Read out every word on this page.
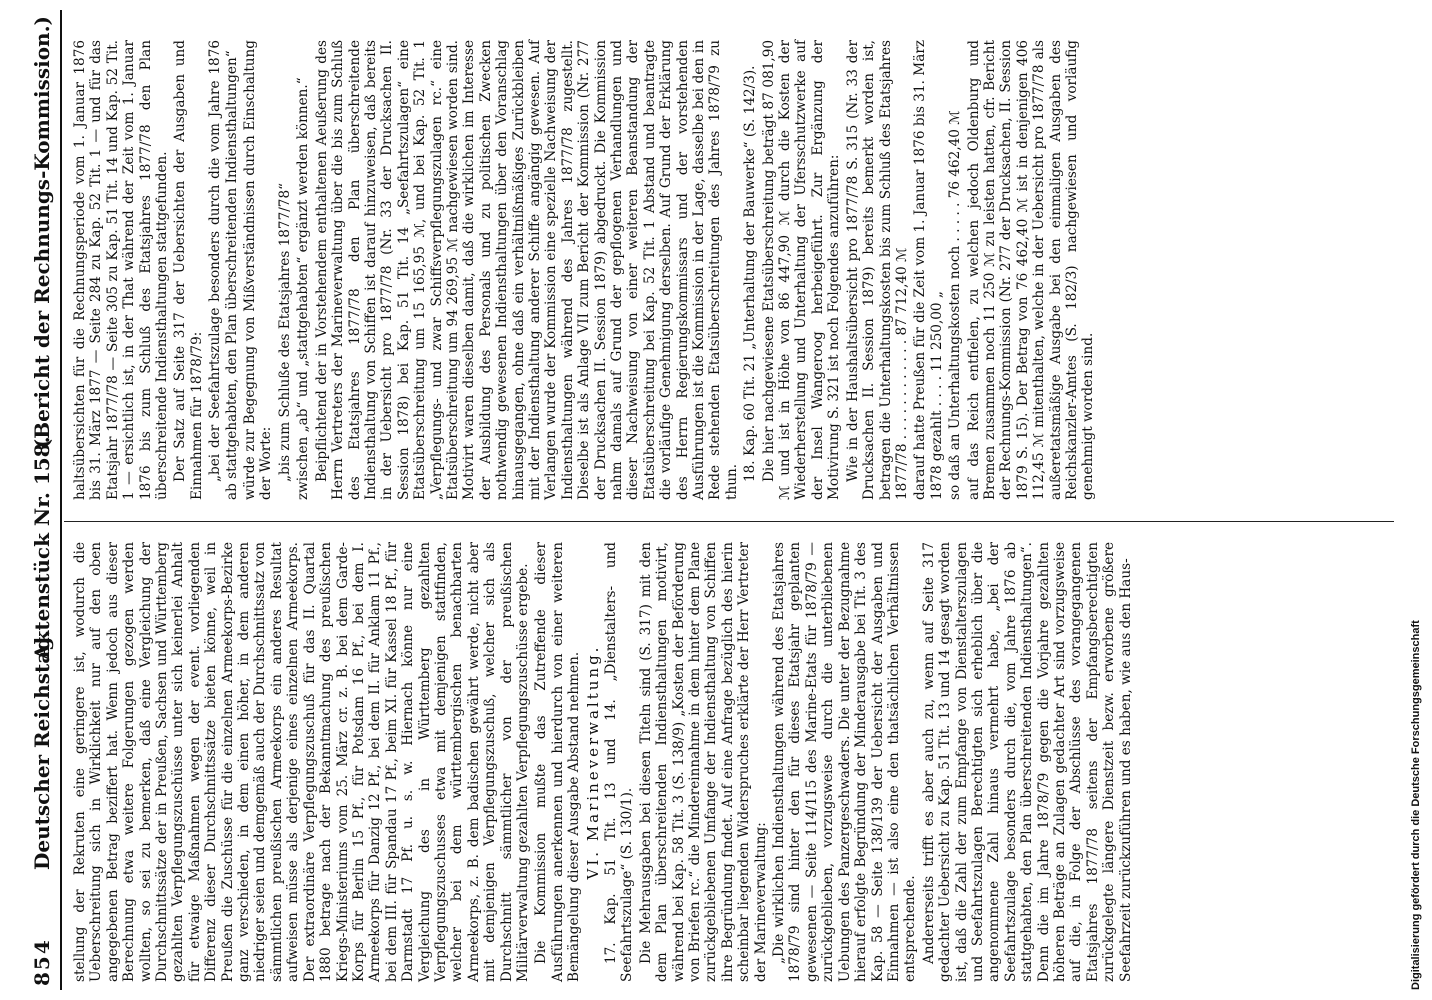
854
Deutscher Reichstag.
Aktenstück Nr. 158.
(Bericht der Rechnungs-Kommission.)

stellung der Rekruten eine geringere ist, wodurch die Ueberschreitung sich in Wirklichkeit nur auf den oben angegebenen Betrag beziffert hat. Wenn jedoch aus dieser Berechnung etwa weitere Folgerungen gezogen werden wollten, so sei zu bemerken, daß eine Vergleichung der Durchschnittssätze der in Preußen, Sachsen und Württemberg gezahlten Verpflegungszuschüsse unter sich keinerlei Anhalt für etwaige Maßnahmen wegen der event. vorliegenden Differenz dieser Durchschnittssätze bieten könne, weil in Preußen die Zuschüsse für die einzelnen Armeekorps-Bezirke ganz verschieden, in dem einen höher, in dem anderen niedriger seien und demgemäß auch der Durchschnittssatz von sämmtlichen preußischen Armeekorps ein anderes Resultat aufweisen müsse als derjenige eines einzelnen Armeekorps. Der extraordinäre Verpflegungszuschuß für das II. Quartal 1880 betrage nach der Bekanntmachung des preußischen Kriegs-Ministeriums vom 25. März cr. z. B. bei dem Garde-Korps für Berlin 15 Pf., für Potsdam 16 Pf., bei dem I. Armeekorps für Danzig 12 Pf., bei dem II. für Anklam 11 Pf., bei dem III. für Spandau 17 Pf., beim XI. für Kassel 18 Pf., für Darmstadt 17 Pf. u. s. w. Hiernach könne nur eine Vergleichung des in Württemberg gezahlten Verpflegungszuschusses etwa mit demjenigen stattfinden, welcher bei dem württembergischen benachbarten Armeekorps, z. B. dem badischen gewährt werde, nicht aber mit demjenigen Verpflegungszuschuß, welcher sich als Durchschnitt sämmtlicher von der preußischen Militärverwaltung gezahlten Verpflegungszuschüsse ergebe. Die Kommission mußte das Zutreffende dieser Ausführungen anerkennen und hierdurch von einer weiteren Bemängelung dieser Ausgabe Abstand nehmen. VI. Marineverwaltung. 17. Kap. 51 Tit. 13 und 14. „Dienstalters- und Seefahrtszulage“ (S. 130/1). Die Mehrausgaben bei diesen Titeln sind (S. 317) mit den dem Plan überschreitenden Indiensthaltungen motivirt, während bei Kap. 58 Tit. 3 (S. 138/9) „Kosten der Beförderung von Briefen rc.“ die Mindereinnahme in dem hinter dem Plane zurückgebliebenen Umfange der Indiensthaltung von Schiffen ihre Begründung findet. Auf eine Anfrage bezüglich des hierin scheinbar liegenden Widerspruches erklärte der Herr Vertreter der Marineverwaltung: „Die wirklichen Indiensthaltungen während des Etatsjahres 1878/79 sind hinter den für dieses Etatsjahr geplanten gewesenen — Seite 114/115 des Marine-Etats für 1878/79 — zurückgeblieben, vorzugsweise durch die unterbliebenen Uebungen des Panzergeschwaders. Die unter der Bezugnahme hierauf erfolgte Begründung der Minderausgabe bei Tit. 3 des Kap. 58 — Seite 138/139 der Uebersicht der Ausgaben und Einnahmen — ist also eine den thatsächlichen Verhältnissen entsprechende. Andererseits trifft es aber auch zu, wenn auf Seite 317 gedachter Uebersicht zu Kap. 51 Tit. 13 und 14 gesagt worden ist, daß die Zahl der zum Empfange von Dienstalterszulagen und Seefahrtszulagen Berechtigten sich erheblich über die angenommene Zahl hinaus vermehrt habe, „bei der Seefahrtszulage besonders durch die, vom Jahre 1876 ab stattgehabten, den Plan überschreitenden Indiensthaltungen“. Denn die im Jahre 1878/79 gegen die Vorjahre gezahlten höheren Beträge an Zulagen gedachter Art sind vorzugsweise auf die, in Folge der Abschlüsse des vorangegangenen Etatsjahres 1877/78 seitens der Empfangsberechtigten zurückgelegte längere Dienstzeit bezw. erworbene größere Seefahrzeit zurückzuführen und es haben, wie aus den Haus-

haltsübersichten für die Rechnungsperiode vom 1. Januar 1876 bis 31. März 1877 — Seite 284 zu Kap. 52 Tit. 1 — und für das Etatsjahr 1877/78 — Seite 305 zu Kap. 51 Tit. 14 und Kap. 52 Tit. 1 — ersichtlich ist, in der That während der Zeit vom 1. Januar 1876 bis zum Schluß des Etatsjahres 1877/78 den Plan überschreitende Indiensthaltungen stattgefunden. Der Satz auf Seite 317 der Uebersichten der Ausgaben und Einnahmen für 1878/79: „bei der Seefahrtszulage besonders durch die vom Jahre 1876 ab stattgehabten, den Plan überschreitenden Indiensthaltungen“ würde zur Begegnung von Mißverständnissen durch Einschaltung der Worte: „bis zum Schluße des Etatsjahres 1877/78“ zwischen „ab“ und „stattgehabten“ ergänzt werden können.“ Beipflichtend der in Vorstehendem enthaltenen Aeußerung des Herrn Vertreters der Marineverwaltung über die bis zum Schluß des Etatsjahres 1877/78 den Plan überschreitende Indiensthaltung von Schiffen ist darauf hinzuweisen, daß bereits in der Uebersicht pro 1877/78 (Nr. 33 der Drucksachen II. Session 1878) bei Kap. 51 Tit. 14 „Seefahrtszulagen“ eine Etatsüberschreitung um 15 165,95 ℳ, und bei Kap. 52 Tit. 1 „Verpflegungs- und zwar Schiffsverpflegungszulagen rc.“ eine Etatsüberschreitung um 94 269,95 ℳ nachgewiesen worden sind. Motivirt waren dieselben damit, daß die wirklichen im Interesse der Ausbildung des Personals und zu politischen Zwecken nothwendig gewesenen Indiensthaltungen über den Voranschlag hinausgegangen, ohne daß ein verhältnißmäßiges Zurückbleiben mit der Indiensthaltung anderer Schiffe angängig gewesen. Auf Verlangen wurde der Kommission eine spezielle Nachweisung der Indiensthaltungen während des Jahres 1877/78 zugestellt. Dieselbe ist als Anlage VII zum Bericht der Kommission (Nr. 277 der Drucksachen II. Session 1879) abgedruckt. Die Kommission nahm damals auf Grund der gepflogenen Verhandlungen und dieser Nachweisung von einer weiteren Beanstandung der Etatsüberschreitung bei Kap. 52 Tit. 1 Abstand und beantragte die vorläufige Genehmigung derselben. Auf Grund der Erklärung des Herrn Regierungskommissars und der vorstehenden Ausführungen ist die Kommission in der Lage, dasselbe bei den in Rede stehenden Etatsüberschreitungen des Jahres 1878/79 zu thun. 18. Kap. 60 Tit. 21 „Unterhaltung der Bauwerke“ (S. 142/3). Die hier nachgewiesene Etatsüberschreitung beträgt 87 081,90 ℳ und ist in Höhe von 86 447,90 ℳ durch die Kosten der Wiederherstellung und Unterhaltung der Ufersschutzwerke auf der Insel Wangeroog herbeigeführt. Zur Ergänzung der Motivirung S. 321 ist noch Folgendes anzuführen: Wie in der Haushaltsübersicht pro 1877/78 S. 315 (Nr. 33 der Drucksachen II. Session 1879) bereits bemerkt worden ist, betragen die Unterhaltungskosten bis zum Schluß des Etatsjahres 1877/78 . . . . . . . . . . . . 87 712,40 ℳ darauf hatte Preußen für die Zeit vom 1. Januar 1876 bis 31. März 1878 gezahlt . . . . 11 250,00 „ so daß an Unterhaltungskosten noch . . . . . 76 462,40 ℳ auf das Reich entfielen, zu welchen jedoch Oldenburg und Bremen zusammen noch 11 250 ℳ zu leisten hatten, cfr. Bericht der Rechnungs-Kommission (Nr. 277 der Drucksachen, II. Session 1879 S. 15). Der Betrag von 76 462,40 ℳ ist in denjenigen 406 112,45 ℳ mitenthalten, welche in der Uebersicht pro 1877/78 als außeretatsmäßige Ausgabe bei den einmaligen Ausgaben des Reichskanzler-Amtes (S. 182/3) nachgewiesen und vorläufig genehmigt worden sind.

Digitalisierung gefördert durch die Deutsche Forschungsgemeinschaft
